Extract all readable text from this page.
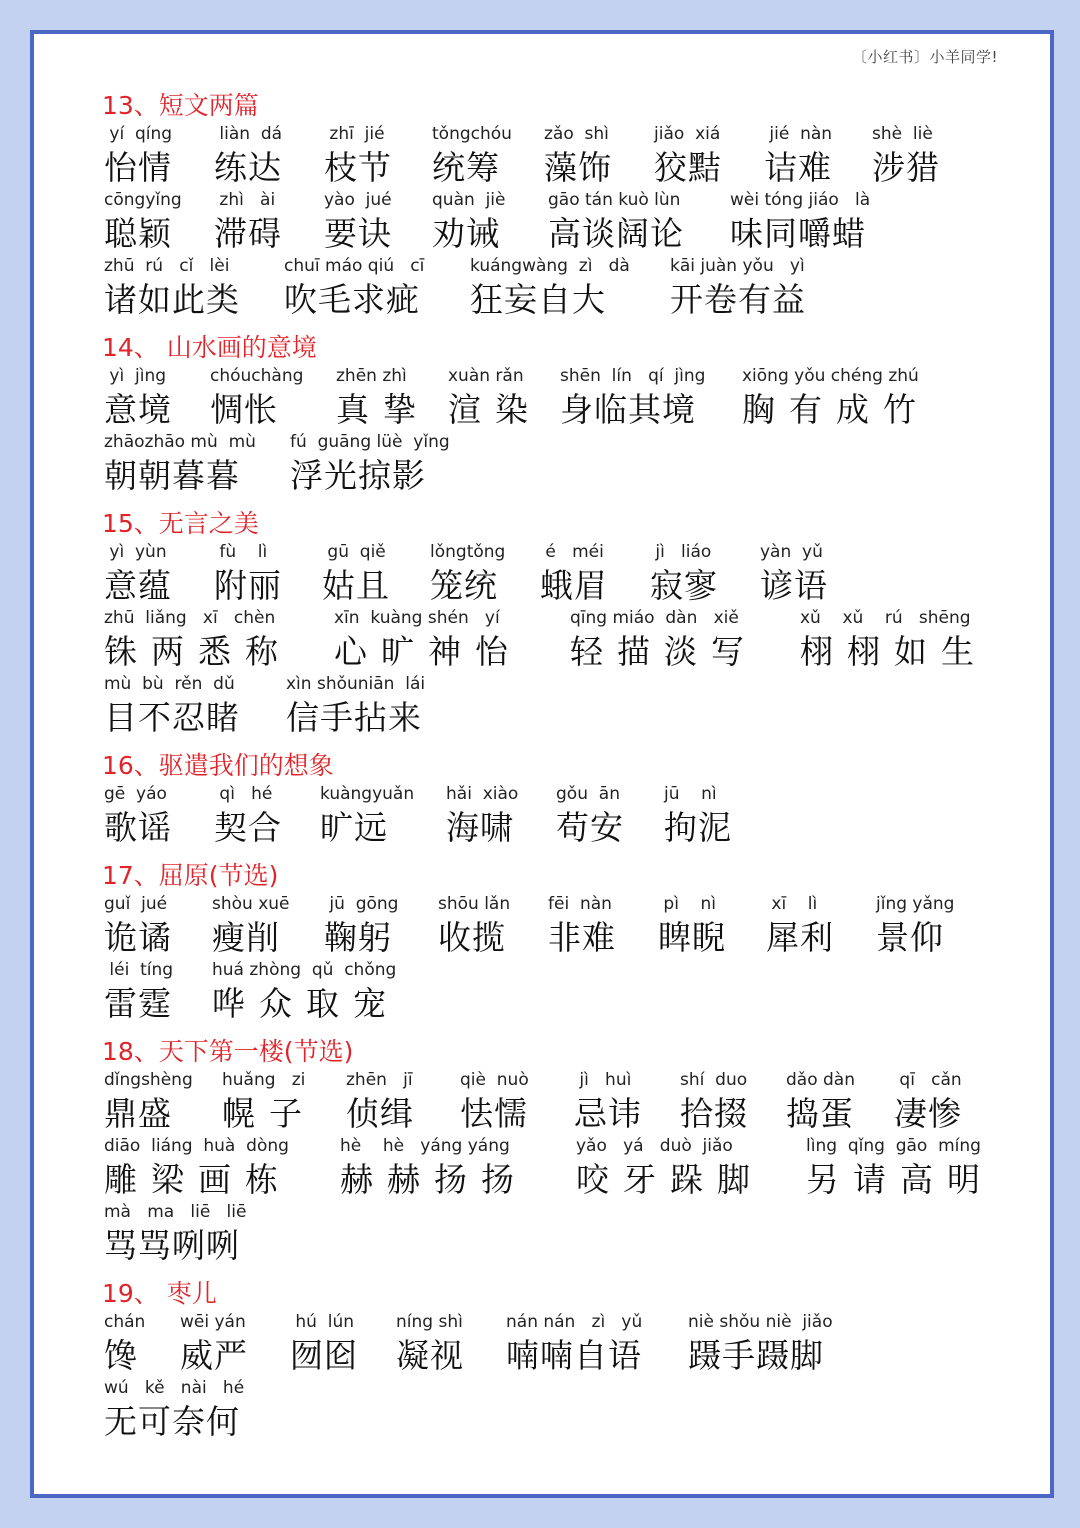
〔小红书〕小羊同学!
13、短文两篇
yí  qíng
怡情
liàn  dá
练达
zhī  jié
枝节
tǒngchóu
统筹
zǎo  shì
藻饰
jiǎo  xiá
狡黠
jié  nàn
诘难
shè  liè
涉猎
cōngyǐng
聪颖
zhì   ài
滞碍
yào  jué
要诀
quàn  jiè
劝诫
gāo tán kuò lùn
高谈阔论
wèi tóng jiáo   là
味同嚼蜡
zhū  rú   cǐ   lèi
诸如此类
chuī máo qiú   cī
吹毛求疵
kuángwàng  zì   dà
狂妄自大
kāi juàn yǒu   yì
开卷有益
14、 山水画的意境
yì  jìng
意境
chóuchàng
惆怅
zhēn zhì
真挚
xuàn rǎn
渲染
shēn  lín   qí  jìng
身临其境
xiōng yǒu chéng zhú
胸有成竹
zhāozhāo mù  mù
朝朝暮暮
fú  guāng lüè  yǐng
浮光掠影
15、无言之美
yì  yùn
意蕴
fù    lì
附丽
gū  qiě
姑且
lǒngtǒng
笼统
é   méi
蛾眉
jì   liáo
寂寥
yàn  yǔ
谚语
zhū  liǎng   xī   chèn
铢两悉称
xīn  kuàng shén   yí
心旷神怡
qīng miáo  dàn   xiě
轻描淡写
xǔ    xǔ    rú   shēng
栩栩如生
mù  bù  rěn  dǔ
目不忍睹
xìn shǒuniān  lái
信手拈来
16、驱遣我们的想象
gē  yáo
歌谣
qì   hé
契合
kuàngyuǎn
旷远
hǎi  xiào
海啸
gǒu  ān
苟安
jū    nì
拘泥
17、屈原(节选)
guǐ  jué
诡谲
shòu xuē
瘦削
jū  gōng
鞠躬
shōu lǎn
收揽
fēi  nàn
非难
pì    nì
睥睨
xī    lì
犀利
jǐng yǎng
景仰
léi  tíng
雷霆
huá zhòng  qǔ  chǒng
哗众取宠
18、天下第一楼(节选)
dǐngshèng
鼎盛
huǎng   zi
幌子
zhēn   jī
侦缉
qiè  nuò
怯懦
jì   huì
忌讳
shí  duo
拾掇
dǎo dàn
捣蛋
qī   cǎn
凄惨
diāo  liáng  huà  dòng
雕梁画栋
hè    hè   yáng yáng
赫赫扬扬
yǎo   yá   duò  jiǎo
咬牙跺脚
lìng  qǐng  gāo  míng
另请高明
mà   ma   liē   liē
骂骂咧咧
19、 枣儿
chán
馋
wēi yán
威严
hú  lún
囫囵
níng shì
凝视
nán nán   zì   yǔ
喃喃自语
niè shǒu niè  jiǎo
蹑手蹑脚
wú   kě   nài   hé
无可奈何
